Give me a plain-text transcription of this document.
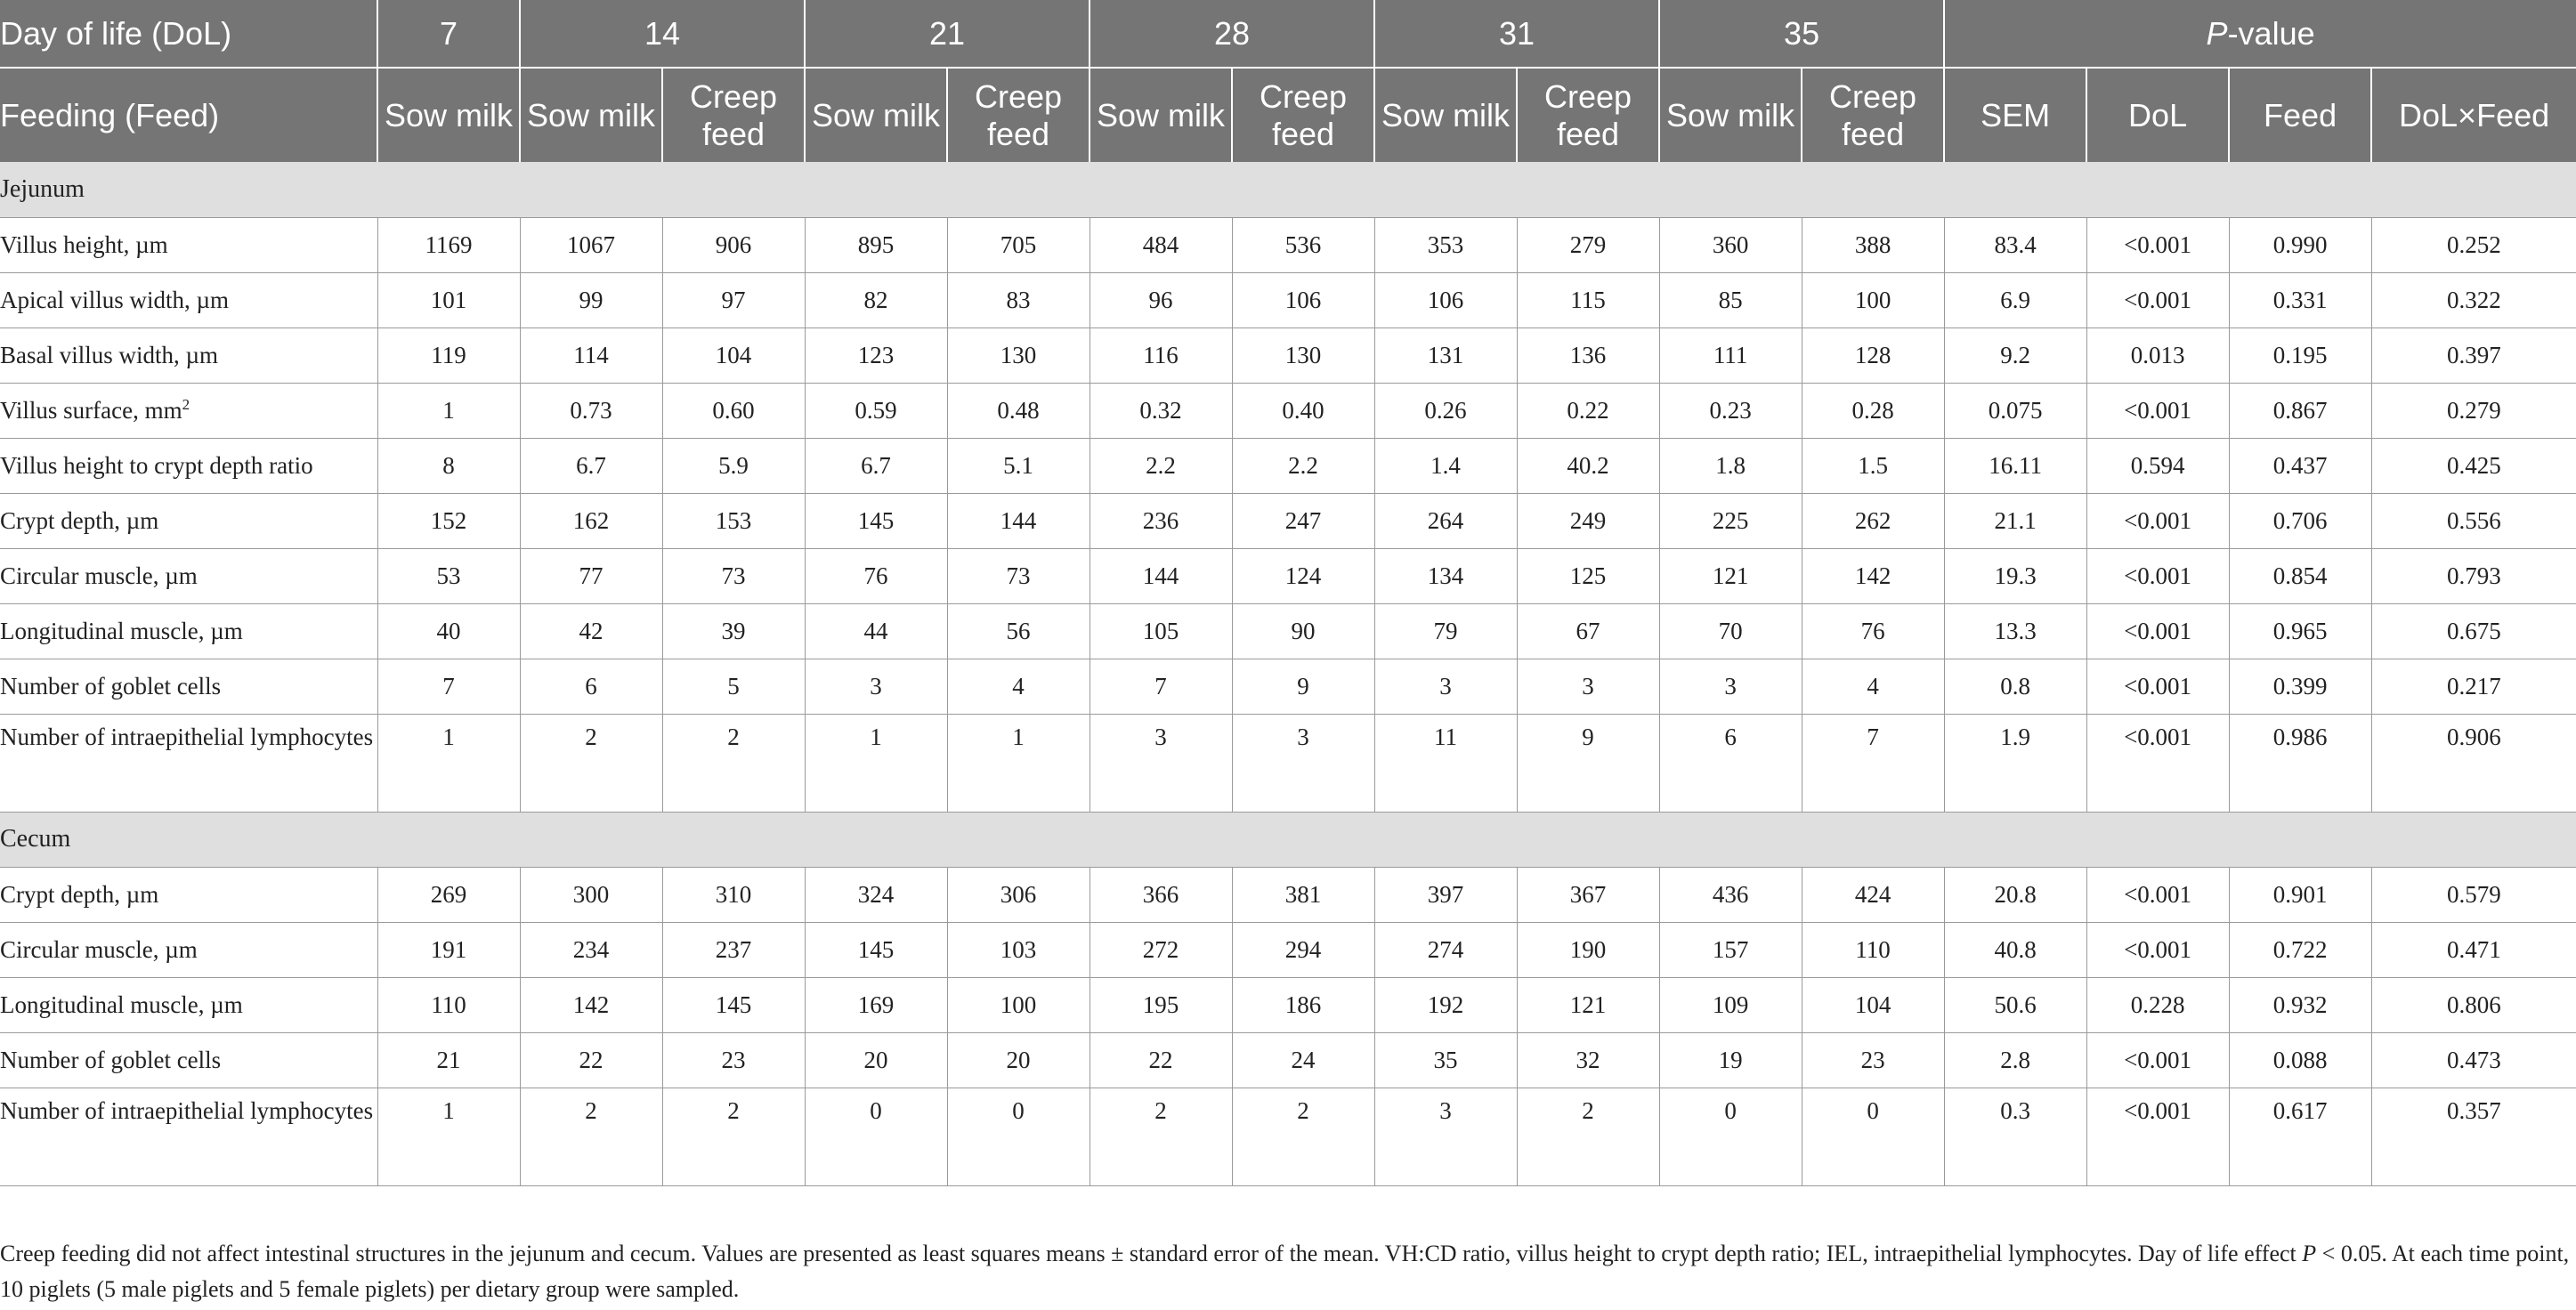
Day of life (DoL)	7	14		21		28		31		35		P-value			
Feeding (Feed)	Sow milk	Sow milk	Creep feed	Sow milk	Creep feed	Sow milk	Creep feed	Sow milk	Creep feed	Sow milk	Creep feed	SEM	DoL	Feed	DoL×Feed
Jejunum															
Villus height, µm	1169	1067	906	895	705	484	536	353	279	360	388	83.4	<0.001	0.990	0.252
Apical villus width, µm	101	99	97	82	83	96	106	106	115	85	100	6.9	<0.001	0.331	0.322
Basal villus width, µm	119	114	104	123	130	116	130	131	136	111	128	9.2	0.013	0.195	0.397
Villus surface, $mm^2$	1	0.73	0.60	0.59	0.48	0.32	0.40	0.26	0.22	0.23	0.28	0.075	<0.001	0.867	0.279
Villus height to crypt depth ratio	8	6.7	5.9	6.7	5.1	2.2	2.2	1.4	40.2	1.8	1.5	16.11	0.594	0.437	0.425
Crypt depth, µm	152	162	153	145	144	236	247	264	249	225	262	21.1	<0.001	0.706	0.556
Circular muscle, µm	53	77	73	76	73	144	124	134	125	121	142	19.3	<0.001	0.854	0.793
Longitudinal muscle, µm	40	42	39	44	56	105	90	79	67	70	76	13.3	<0.001	0.965	0.675
Number of goblet cells	7	6	5	3	4	7	9	3	3	3	4	0.8	<0.001	0.399	0.217
Number of intraepithelial lymphocytes	1	2	2	1	1	3	3	11	9	6	7	1.9	<0.001	0.986	0.906
Cecum															
Crypt depth, µm	269	300	310	324	306	366	381	397	367	436	424	20.8	<0.001	0.901	0.579
Circular muscle, µm	191	234	237	145	103	272	294	274	190	157	110	40.8	<0.001	0.722	0.471
Longitudinal muscle, µm	110	142	145	169	100	195	186	192	121	109	104	50.6	0.228	0.932	0.806
Number of goblet cells	21	22	23	20	20	22	24	35	32	19	23	2.8	<0.001	0.088	0.473
Number of intraepithelial lymphocytes	1	2	2	0	0	2	2	3	2	0	0	0.3	<0.001	0.617	0.357
Creep feeding did not affect intestinal structures in the jejunum and cecum. Values are presented as least squares means ± standard error of the mean. VH:CD ratio, villus height to crypt depth ratio; IEL, intraepithelial lymphocytes. Day of life effect P < 0.05. At each time point, 10 piglets (5 male piglets and 5 female piglets) per dietary group were sampled.
